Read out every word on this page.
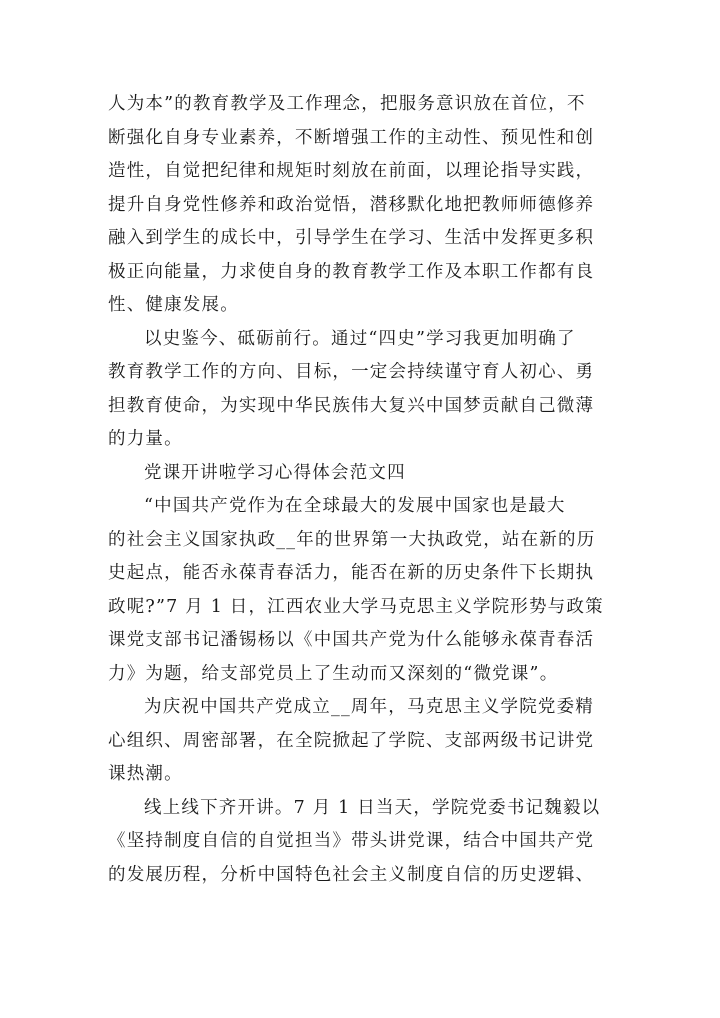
人为本”的教育教学及工作理念，把服务意识放在首位，不
断强化自身专业素养，不断增强工作的主动性、预见性和创
造性，自觉把纪律和规矩时刻放在前面，以理论指导实践，
提升自身党性修养和政治觉悟，潜移默化地把教师师德修养
融入到学生的成长中，引导学生在学习、生活中发挥更多积
极正向能量，力求使自身的教育教学工作及本职工作都有良
性、健康发展。

以史鉴今、砥砺前行。通过“四史”学习我更加明确了
教育教学工作的方向、目标，一定会持续谨守育人初心、勇
担教育使命，为实现中华民族伟大复兴中国梦贡献自己微薄
的力量。

党课开讲啦学习心得体会范文四

“中国共产党作为在全球最大的发展中国家也是最大
的社会主义国家执政__年的世界第一大执政党，站在新的历
史起点，能否永葆青春活力，能否在新的历史条件下长期执
政呢?”7 月 1 日，江西农业大学马克思主义学院形势与政策
课党支部书记潘锡杨以《中国共产党为什么能够永葆青春活
力》为题，给支部党员上了生动而又深刻的“微党课”。

为庆祝中国共产党成立__周年，马克思主义学院党委精
心组织、周密部署，在全院掀起了学院、支部两级书记讲党
课热潮。

线上线下齐开讲。7 月 1 日当天，学院党委书记魏毅以
《坚持制度自信的自觉担当》带头讲党课，结合中国共产党
的发展历程，分析中国特色社会主义制度自信的历史逻辑、
